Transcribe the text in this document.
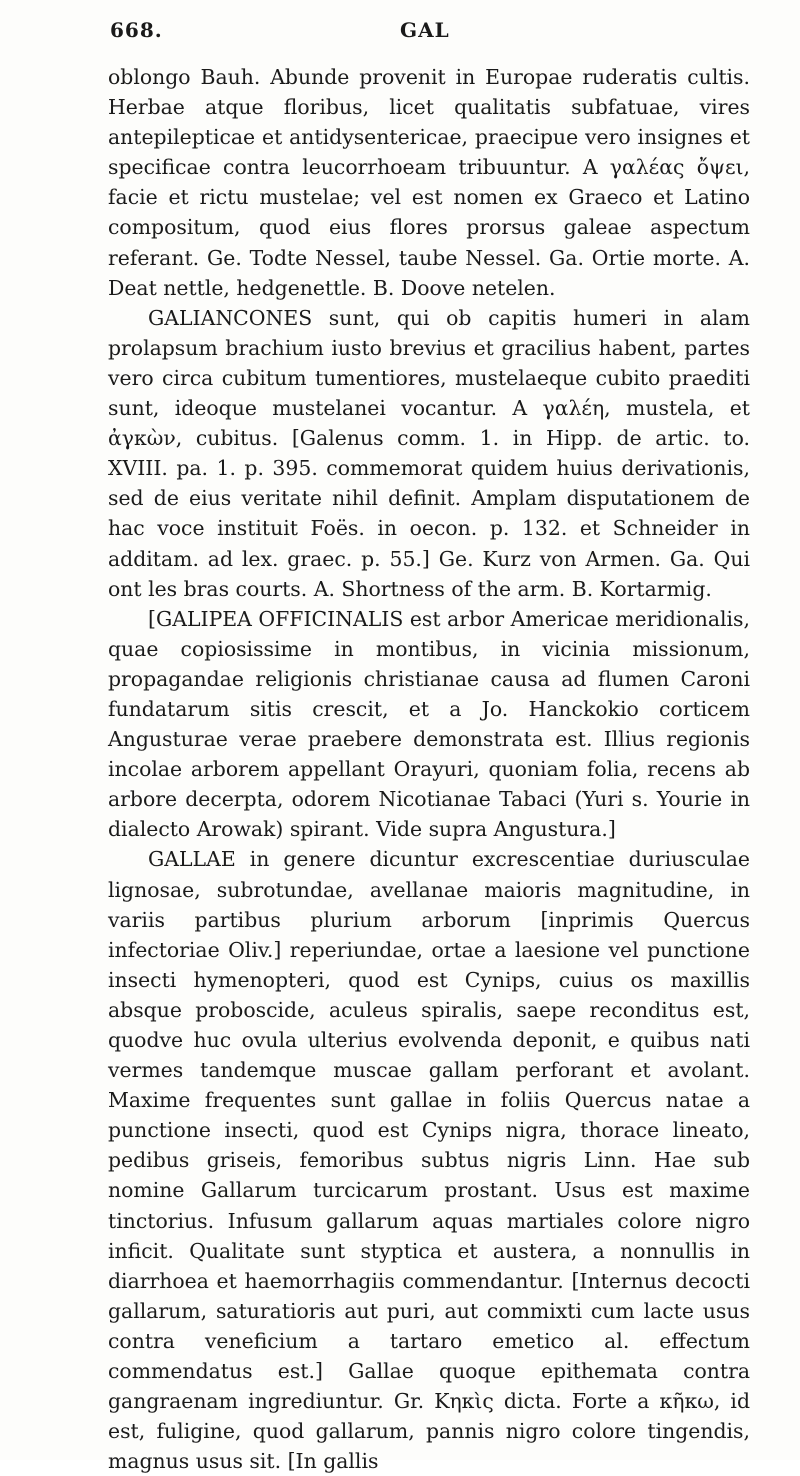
668.	GAL

oblongo Bauh. Abunde provenit in Europae ruderatis cultis. Herbae atque floribus, licet qualitatis subfatuae, vires antepilepticae et antidysentericae, praecipue vero insignes et specificae contra leucorrhoeam tribuuntur. A γαλέας ὄψει, facie et rictu mustelae; vel est nomen ex Graeco et Latino compositum, quod eius flores prorsus galeae aspectum referant. Ge. Todte Nessel, taube Nessel. Ga. Ortie morte. A. Deat nettle, hedgenettle. B. Doove netelen.

GALIANCONES sunt, qui ob capitis humeri in alam prolapsum brachium iusto brevius et gracilius habent, partes vero circa cubitum tumentiores, mustelaeque cubito praediti sunt, ideoque mustelanei vocantur. A γαλέη, mustela, et ἀγκὼν, cubitus. [Galenus comm. 1. in Hipp. de artic. to. XVIII. pa. 1. p. 395. commemorat quidem huius derivationis, sed de eius veritate nihil definit. Amplam disputationem de hac voce instituit Foës. in oecon. p. 132. et Schneider in additam. ad lex. graec. p. 55.] Ge. Kurz von Armen. Ga. Qui ont les bras courts. A. Shortness of the arm. B. Kortarmig.

[GALIPEA OFFICINALIS est arbor Americae meridionalis, quae copiosissime in montibus, in vicinia missionum, propagandae religionis christianae causa ad flumen Caroni fundatarum sitis crescit, et a Jo. Hanckokio corticem Angusturae verae praebere demonstrata est. Illius regionis incolae arborem appellant Orayuri, quoniam folia, recens ab arbore decerpta, odorem Nicotianae Tabaci (Yuri s. Yourie in dialecto Arowak) spirant. Vide supra Angustura.]

GALLAE in genere dicuntur excrescentiae duriusculae lignosae, subrotundae, avellanae maioris magnitudine, in variis partibus plurium arborum [inprimis Quercus infectoriae Oliv.] reperiundae, ortae a laesione vel punctione insecti hymenopteri, quod est Cynips, cuius os maxillis absque proboscide, aculeus spiralis, saepe reconditus est, quodve huc ovula ulterius evolvenda deponit, e quibus nati vermes tandemque muscae gallam perforant et avolant. Maxime frequentes sunt gallae in foliis Quercus natae a punctione insecti, quod est Cynips nigra, thorace lineato, pedibus griseis, femoribus subtus nigris Linn. Hae sub nomine Gallarum turcicarum prostant. Usus est maxime tinctorius. Infusum gallarum aquas martiales colore nigro inficit. Qualitate sunt styptica et austera, a nonnullis in diarrhoea et haemorrhagiis commendantur. [Internus decocti gallarum, saturatioris aut puri, aut commixti cum lacte usus contra veneficium a tartaro emetico al. effectum commendatus est.] Gallae quoque epithemata contra gangraenam ingrediuntur. Gr. Κηκὶς dicta. Forte a κῆκω, id est, fuligine, quod gallarum, pannis nigro colore tingendis, magnus usus sit. [In gallis
